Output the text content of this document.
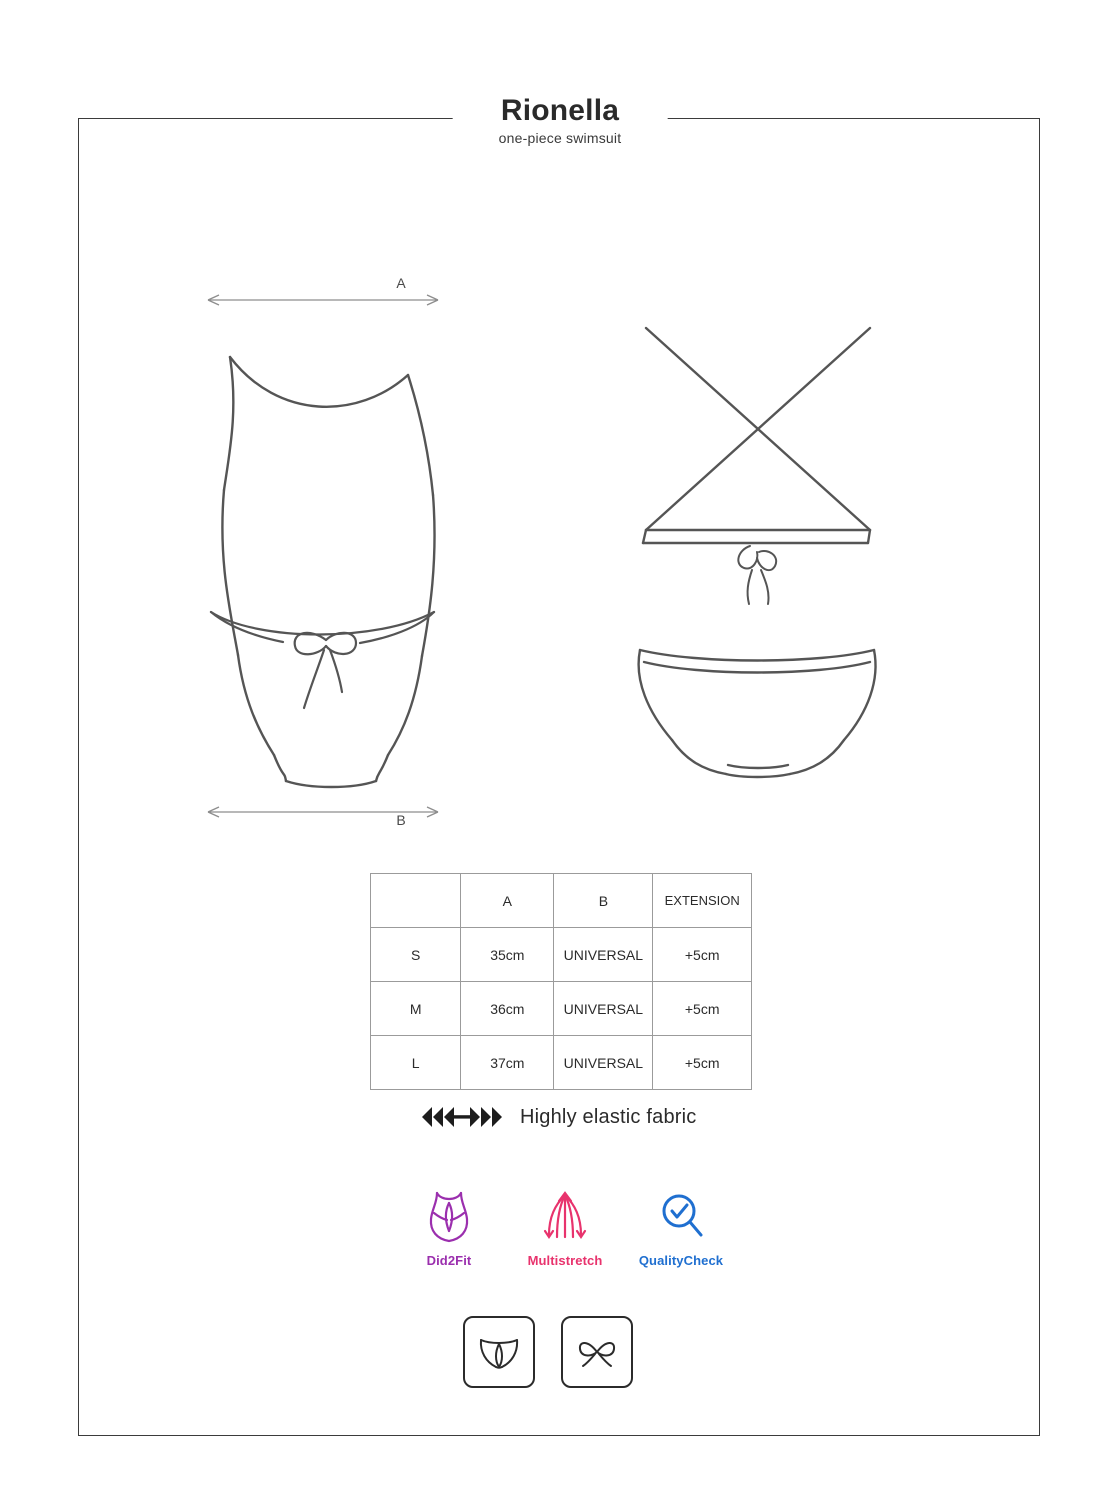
Rionella
one-piece swimsuit
A
B
	A	B	EXTENSION
S	35cm	UNIVERSAL	+5cm
M	36cm	UNIVERSAL	+5cm
L	37cm	UNIVERSAL	+5cm
Highly elastic fabric
Did2Fit	Multistretch	QualityCheck
